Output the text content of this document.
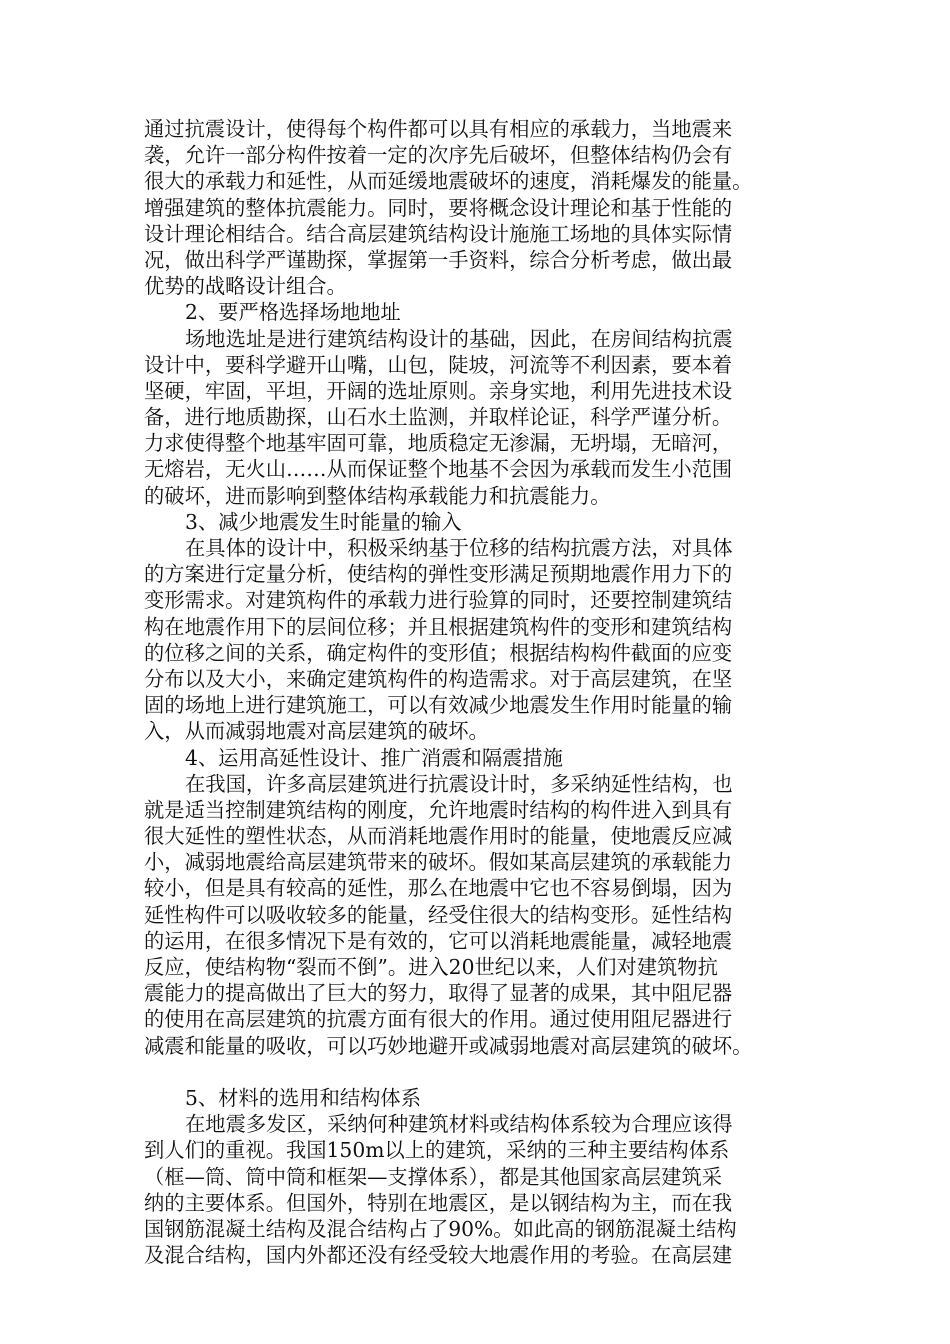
通过抗震设计，使得每个构件都可以具有相应的承载力，当地震来
袭，允许一部分构件按着一定的次序先后破坏，但整体结构仍会有
很大的承载力和延性，从而延缓地震破坏的速度，消耗爆发的能量。
增强建筑的整体抗震能力。同时，要将概念设计理论和基于性能的
设计理论相结合。结合高层建筑结构设计施施工场地的具体实际情
况，做出科学严谨勘探，掌握第一手资料，综合分析考虑，做出最
优势的战略设计组合。
2、要严格选择场地地址
场地选址是进行建筑结构设计的基础，因此，在房间结构抗震
设计中，要科学避开山嘴，山包，陡坡，河流等不利因素，要本着
坚硬，牢固，平坦，开阔的选址原则。亲身实地，利用先进技术设
备，进行地质勘探，山石水土监测，并取样论证，科学严谨分析。
力求使得整个地基牢固可靠，地质稳定无渗漏，无坍塌，无暗河，
无熔岩，无火山……从而保证整个地基不会因为承载而发生小范围
的破坏，进而影响到整体结构承载能力和抗震能力。
3、减少地震发生时能量的输入
在具体的设计中，积极采纳基于位移的结构抗震方法，对具体
的方案进行定量分析，使结构的弹性变形满足预期地震作用力下的
变形需求。对建筑构件的承载力进行验算的同时，还要控制建筑结
构在地震作用下的层间位移；并且根据建筑构件的变形和建筑结构
的位移之间的关系，确定构件的变形值；根据结构构件截面的应变
分布以及大小，来确定建筑构件的构造需求。对于高层建筑，在坚
固的场地上进行建筑施工，可以有效减少地震发生作用时能量的输
入，从而减弱地震对高层建筑的破坏。
4、运用高延性设计、推广消震和隔震措施
在我国，许多高层建筑进行抗震设计时，多采纳延性结构，也
就是适当控制建筑结构的刚度，允许地震时结构的构件进入到具有
很大延性的塑性状态，从而消耗地震作用时的能量，使地震反应减
小，减弱地震给高层建筑带来的破坏。假如某高层建筑的承载能力
较小，但是具有较高的延性，那么在地震中它也不容易倒塌，因为
延性构件可以吸收较多的能量，经受住很大的结构变形。延性结构
的运用，在很多情况下是有效的，它可以消耗地震能量，减轻地震
反应，使结构物“裂而不倒”。进入20世纪以来，人们对建筑物抗
震能力的提高做出了巨大的努力，取得了显著的成果，其中阻尼器
的使用在高层建筑的抗震方面有很大的作用。通过使用阻尼器进行
减震和能量的吸收，可以巧妙地避开或减弱地震对高层建筑的破坏。
5、材料的选用和结构体系
在地震多发区，采纳何种建筑材料或结构体系较为合理应该得
到人们的重视。我国150m以上的建筑，采纳的三种主要结构体系
（框—筒、筒中筒和框架—支撑体系），都是其他国家高层建筑采
纳的主要体系。但国外，特别在地震区，是以钢结构为主，而在我
国钢筋混凝土结构及混合结构占了90%。如此高的钢筋混凝土结构
及混合结构，国内外都还没有经受较大地震作用的考验。在高层建
